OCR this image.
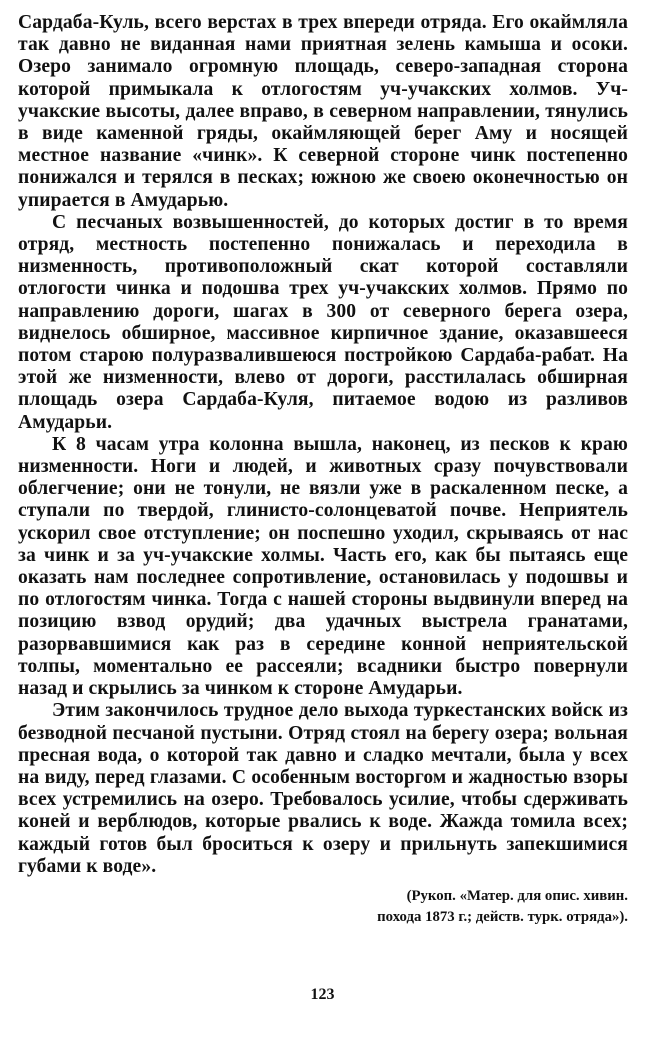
Сардаба-Куль, всего верстах в трех впереди отряда. Его окаймляла так давно не виданная нами приятная зелень камыша и осоки. Озеро занимало огромную площадь, северо-западная сторона которой примыкала к отлогостям уч-учакских холмов. Уч-учакские высоты, далее вправо, в северном направлении, тянулись в виде каменной гряды, окаймляющей берег Аму и носящей местное название «чинк». К северной стороне чинк постепенно понижался и терялся в песках; южною же своею оконечностью он упирается в Амударью.

С песчаных возвышенностей, до которых достиг в то время отряд, местность постепенно понижалась и переходила в низменность, противоположный скат которой составляли отлогости чинка и подошва трех уч-учакских холмов. Прямо по направлению дороги, шагах в 300 от северного берега озера, виднелось обширное, массивное кирпичное здание, оказавшееся потом старою полуразвалившеюся постройкою Сардаба-рабат. На этой же низменности, влево от дороги, расстилалась обширная площадь озера Сардаба-Куля, питаемое водою из разливов Амударьи.

К 8 часам утра колонна вышла, наконец, из песков к краю низменности. Ноги и людей, и животных сразу почувствовали облегчение; они не тонули, не вязли уже в раскаленном песке, а ступали по твердой, глинисто-солонцеватой почве. Неприятель ускорил свое отступление; он поспешно уходил, скрываясь от нас за чинк и за уч-учакские холмы. Часть его, как бы пытаясь еще оказать нам последнее сопротивление, остановилась у подошвы и по отлогостям чинка. Тогда с нашей стороны выдвинули вперед на позицию взвод орудий; два удачных выстрела гранатами, разорвавшимися как раз в середине конной неприятельской толпы, моментально ее рассеяли; всадники быстро повернули назад и скрылись за чинком к стороне Амударьи.

Этим закончилось трудное дело выхода туркестанских войск из безводной песчаной пустыни. Отряд стоял на берегу озера; вольная пресная вода, о которой так давно и сладко мечтали, была у всех на виду, перед глазами. С особенным восторгом и жадностью взоры всех устремились на озеро. Требовалось усилие, чтобы сдерживать коней и верблюдов, которые рвались к воде. Жажда томила всех; каждый готов был броситься к озеру и прильнуть запекшимися губами к воде».

(Рукоп. «Матер. для опис. хивин.
похода 1873 г.; действ. турк. отряда»).
123
